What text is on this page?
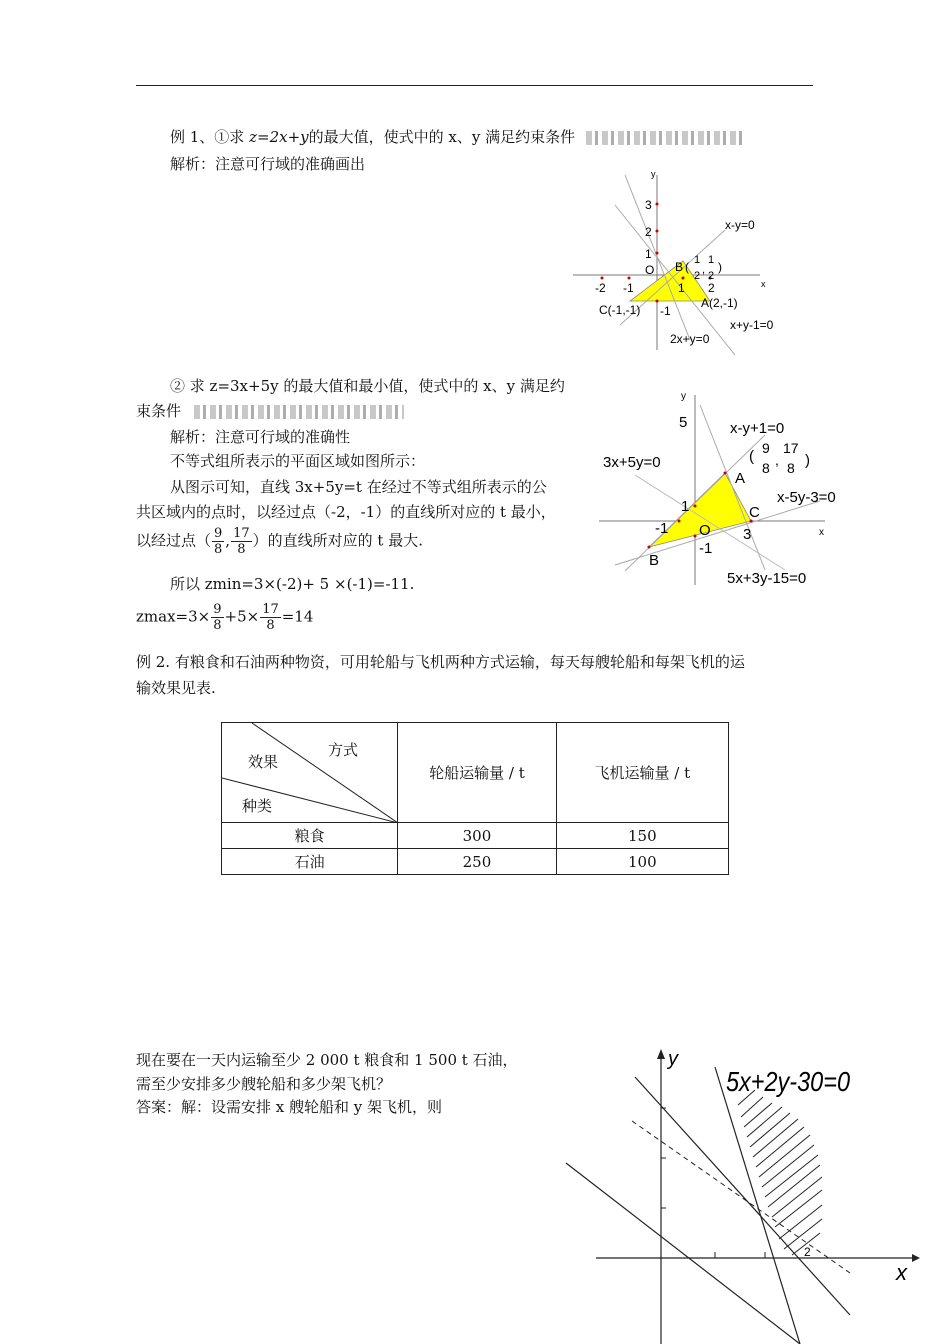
例 1、①求 z=2x+y的最大值，使式中的 x、y 满足约束条件
解析：注意可行域的准确画出
y
x
3
2
1
O
1 2
-2 -1
-1
x-y=0
x+y-1=0
2x+y=0
B ( 1
2 ,
1
2
)
A(2,-1)
C(-1,-1)
② 求 z=3x+5y 的最大值和最小值，使式中的 x、y 满足约
束条件
解析：注意可行域的准确性
不等式组所表示的平面区域如图所示：
从图示可知，直线 3x+5y=t 在经过不等式组所表示的公
共区域内的点时，以经过点（-2，-1）的直线所对应的 t 最小，
以经过点（ $\frac{9}{8}$ , $\frac{17}{8}$ ）的直线所对应的 t 最大.
所以 zmin=3×(-2)+ 5 ×(-1)=-11.
$zmax=3\times \frac{9}{8} +5\times \frac{17}{8} =14$
y
x
5
1
-1
-1
3
O
x-y+1=0
3x+5y=0
x-5y-3=0
5x+3y-15=0
A
B
C
( 9
8 ,
17
8 )
例 2. 有粮食和石油两种物资，可用轮船与飞机两种方式运输，每天每艘轮船和每架飞机的运
输效果见表.
方式
效果
种类	轮船运输量 / t	飞机运输量 / t
粮食	300	150
石油	250	100
现在要在一天内运输至少 2 000 t 粮食和 1 500 t 石油，
需至少安排多少艘轮船和多少架飞机？
答案：解：设需安排 x 艘轮船和 y 架飞机，则
y
x
5x+2y-30=0
2
